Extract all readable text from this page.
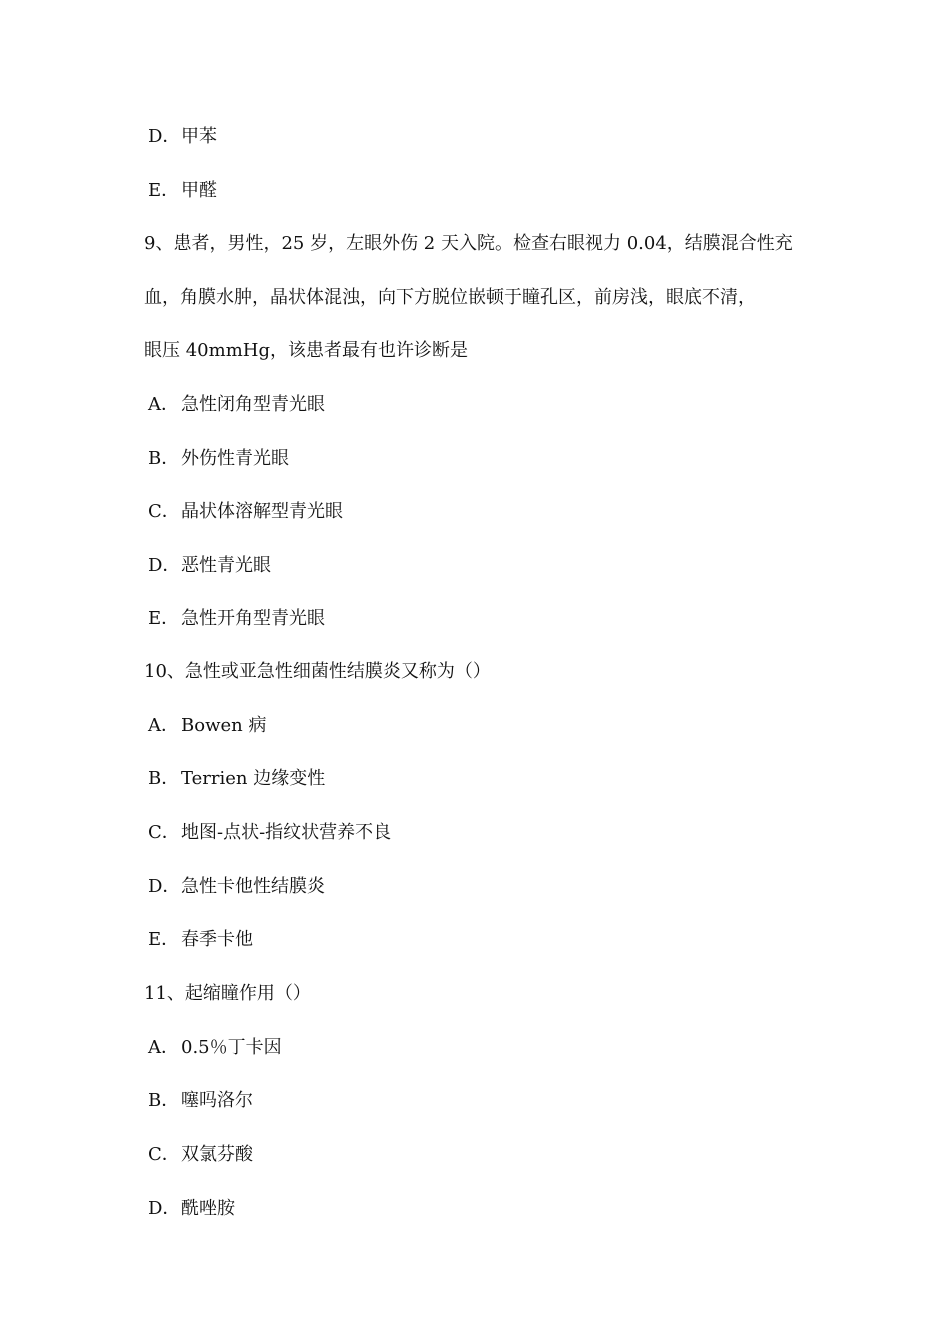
D．甲苯
E． 甲醛
9、患者，男性，25 岁，左眼外伤 2 天入院。检查右眼视力 0.04，结膜混合性充
血，角膜水肿，晶状体混浊，向下方脱位嵌顿于瞳孔区，前房浅，眼底不清，
眼压 40mmHg，该患者最有也许诊断是
A． 急性闭角型青光眼
B．外伤性青光眼
C．晶状体溶解型青光眼
D．恶性青光眼
E． 急性开角型青光眼
10、急性或亚急性细菌性结膜炎又称为（）
A． Bowen 病
B．Terrien 边缘变性
C．地图-点状-指纹状营养不良
D．急性卡他性结膜炎
E． 春季卡他
11、起缩瞳作用（）
A． 0.5％丁卡因
B．噻吗洛尔
C．双氯芬酸
D．酰唑胺
